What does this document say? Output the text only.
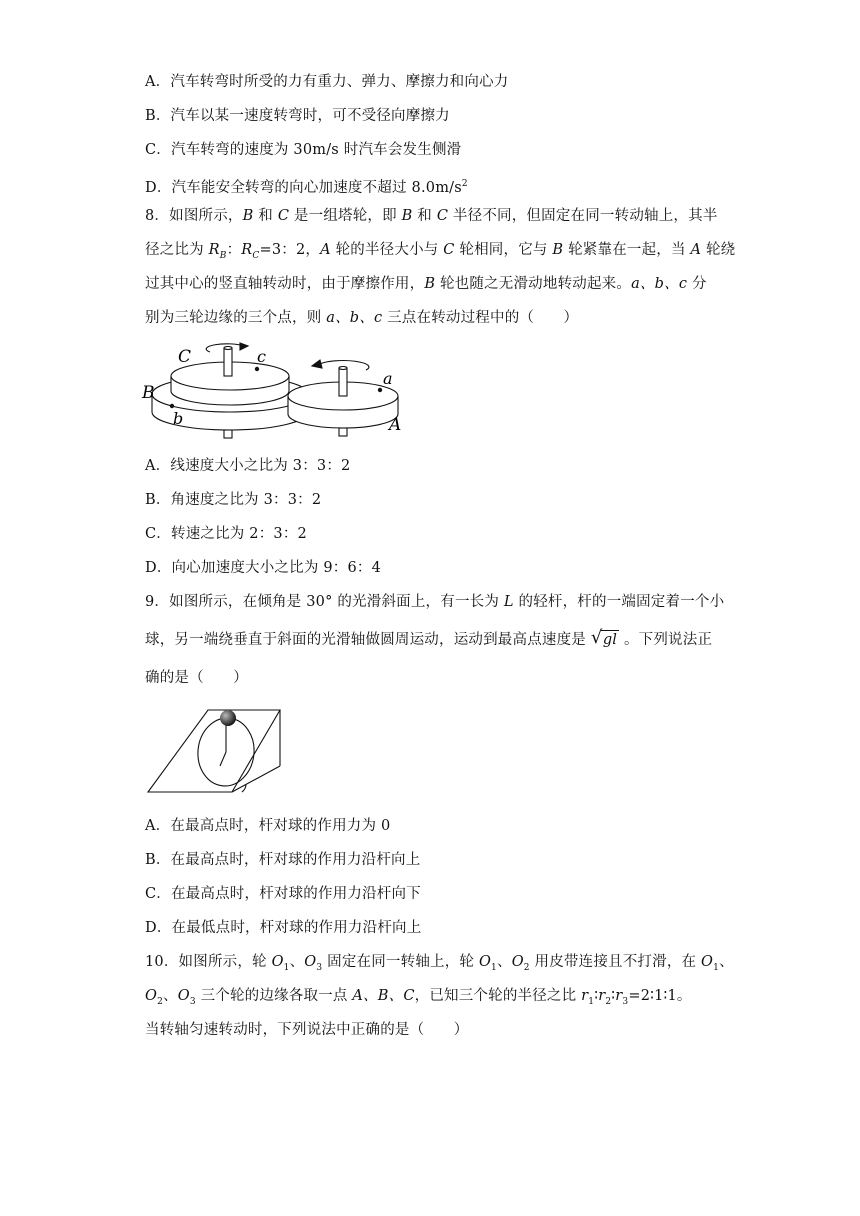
A．汽车转弯时所受的力有重力、弹力、摩擦力和向心力
B．汽车以某一速度转弯时，可不受径向摩擦力
C．汽车转弯的速度为 30m/s 时汽车会发生侧滑
D．汽车能安全转弯的向心加速度不超过 $8.0m/s^2$
8．如图所示，B 和 C 是一组塔轮，即 B 和 C 半径不同，但固定在同一转动轴上，其半
径之比为 $R_B$：$R_C=3$：2，A 轮的半径大小与 C 轮相同，它与 B 轮紧靠在一起，当 A 轮绕
过其中心的竖直轴转动时，由于摩擦作用，B 轮也随之无滑动地转动起来。a、b、c 分
别为三轮边缘的三个点，则 a、b、c 三点在转动过程中的（　　）
C	c
B
b
a
A
A．线速度大小之比为 3：3：2
B．角速度之比为 3：3：2
C．转速之比为 2：3：2
D．向心加速度大小之比为 9：6：4
9．如图所示，在倾角是 30° 的光滑斜面上，有一长为 L 的轻杆，杆的一端固定着一个小
球，另一端绕垂直于斜面的光滑轴做圆周运动，运动到最高点速度是 √ gl 。下列说法正
确的是（　　）
A．在最高点时，杆对球的作用力为 0
B．在最高点时，杆对球的作用力沿杆向上
C．在最高点时，杆对球的作用力沿杆向下
D．在最低点时，杆对球的作用力沿杆向上
10．如图所示，轮 $O_1$、$O_3$ 固定在同一转轴上，轮 $O_1$、$O_2$ 用皮带连接且不打滑，在 $O_1$、
$O_2$、$O_3$ 三个轮的边缘各取一点 A、B、C，已知三个轮的半径之比 $r_1∶r_2∶r_3=2∶1∶1$。
当转轴匀速转动时，下列说法中正确的是（　　）
